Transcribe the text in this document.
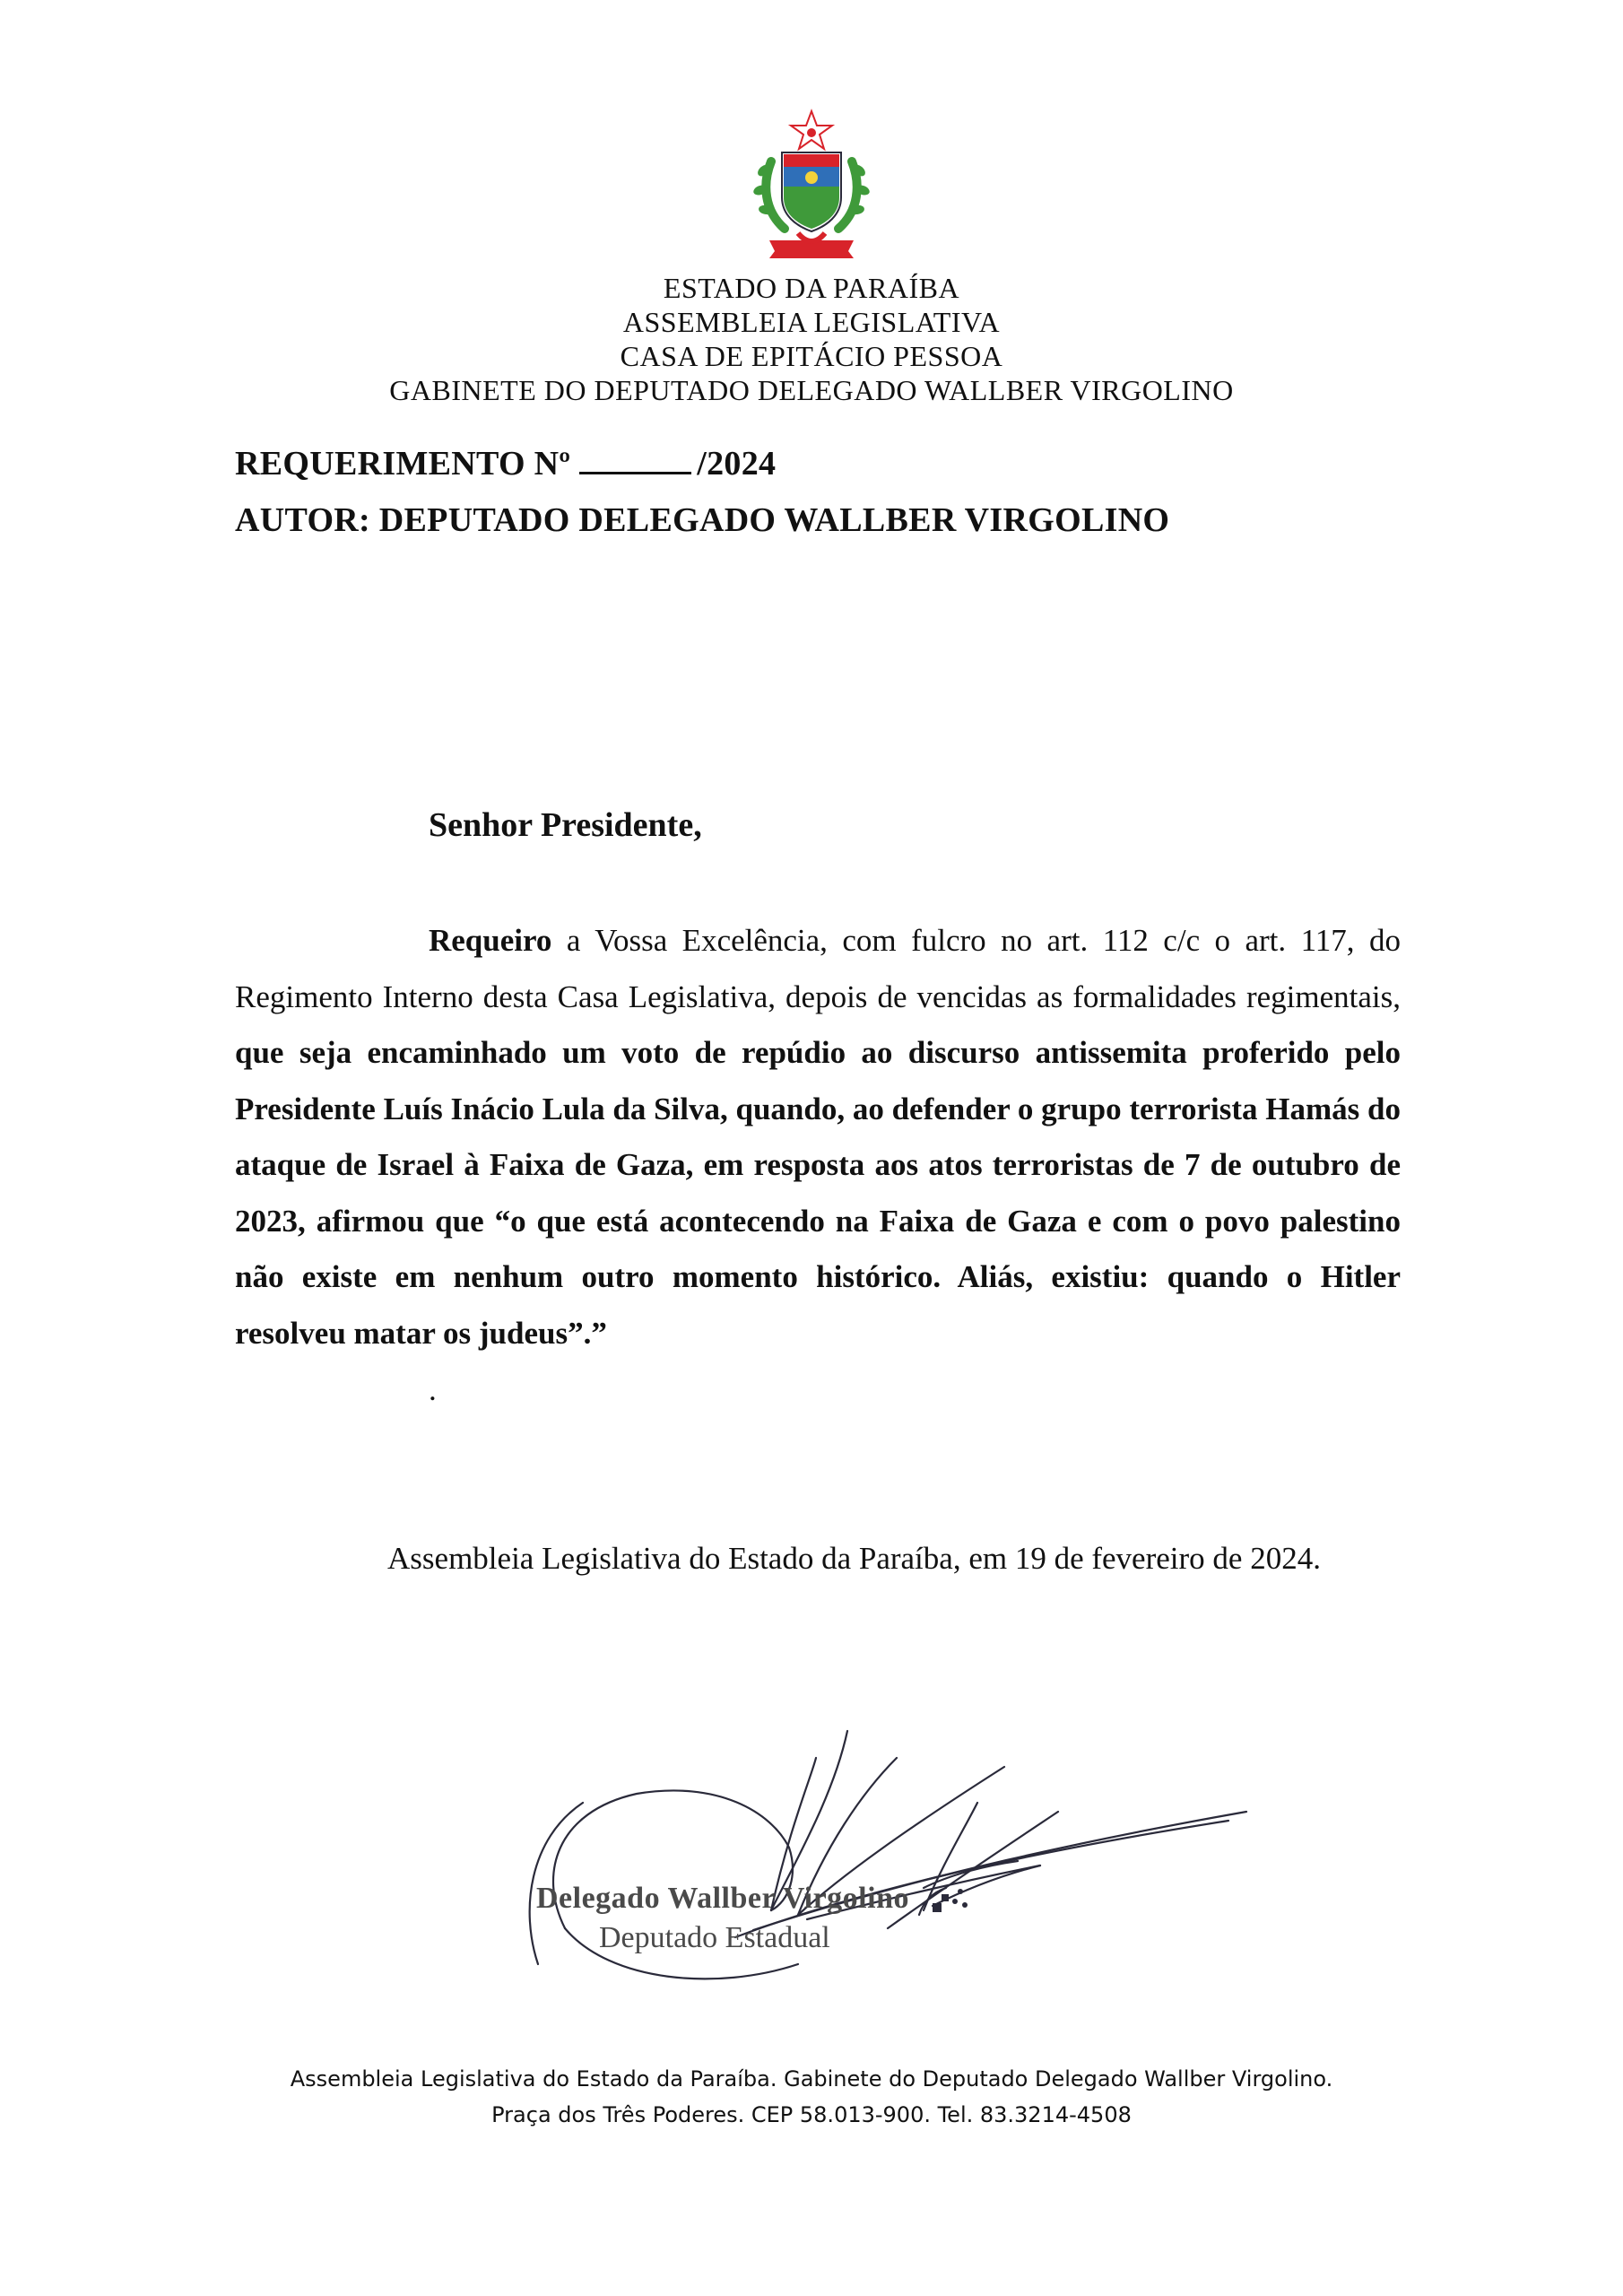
ESTADO DA PARAÍBA
ASSEMBLEIA LEGISLATIVA
CASA DE EPITÁCIO PESSOA
GABINETE DO DEPUTADO DELEGADO WALLBER VIRGOLINO
REQUERIMENTO Nº	/2024
AUTOR: DEPUTADO DELEGADO WALLBER VIRGOLINO
Senhor Presidente,
Requeiro a Vossa Excelência, com fulcro no art. 112 c/c o art. 117, do Regimento Interno desta Casa Legislativa, depois de vencidas as formalidades regimentais, que seja encaminhado um voto de repúdio ao discurso antissemita proferido pelo Presidente Luís Inácio Lula da Silva, quando, ao defender o grupo terrorista Hamás do ataque de Israel à Faixa de Gaza, em resposta aos atos terroristas de 7 de outubro de 2023, afirmou que “o que está acontecendo na Faixa de Gaza e com o povo palestino não existe em nenhum outro momento histórico. Aliás, existiu: quando o Hitler resolveu matar os judeus”.”
.
Assembleia Legislativa do Estado da Paraíba, em 19 de fevereiro de 2024.
Delegado Wallber Virgolino
Deputado Estadual
Assembleia Legislativa do Estado da Paraíba. Gabinete do Deputado Delegado Wallber Virgolino.
Praça dos Três Poderes. CEP 58.013-900. Tel. 83.3214-4508
